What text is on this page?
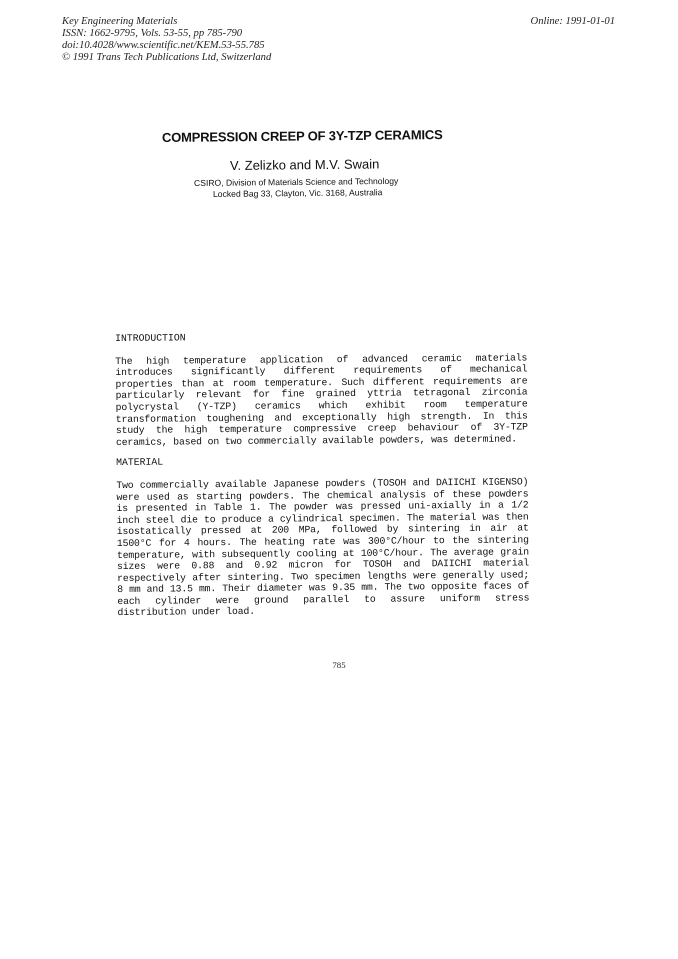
Key Engineering Materials
ISSN: 1662-9795, Vols. 53-55, pp 785-790
doi:10.4028/www.scientific.net/KEM.53-55.785
© 1991 Trans Tech Publications Ltd, Switzerland
Online: 1991-01-01
COMPRESSION CREEP OF 3Y-TZP CERAMICS
V. Zelizko and M.V. Swain
CSIRO, Division of Materials Science and Technology
Locked Bag 33, Clayton, Vic. 3168, Australia
INTRODUCTION

The high temperature application of advanced ceramic materials introduces significantly different requirements of mechanical properties than at room temperature. Such different requirements are particularly relevant for fine grained yttria tetragonal zirconia polycrystal (Y-TZP) ceramics which exhibit room temperature transformation toughening and exceptionally high strength. In this study the high temperature compressive creep behaviour of 3Y-TZP ceramics, based on two commercially available powders, was determined.

MATERIAL

Two commercially available Japanese powders (TOSOH and DAIICHI KIGENSO) were used as starting powders. The chemical analysis of these powders is presented in Table 1. The powder was pressed uni-axially in a 1/2 inch steel die to produce a cylindrical specimen. The material was then isostatically pressed at 200 MPa, followed by sintering in air at 1500°C for 4 hours. The heating rate was 300°C/hour to the sintering temperature, with subsequently cooling at 100°C/hour. The average grain sizes were 0.88 and 0.92 micron for TOSOH and DAIICHI material respectively after sintering. Two specimen lengths were generally used; 8 mm and 13.5 mm. Their diameter was 9.35 mm. The two opposite faces of each cylinder were ground parallel to assure uniform stress distribution under load.

785
